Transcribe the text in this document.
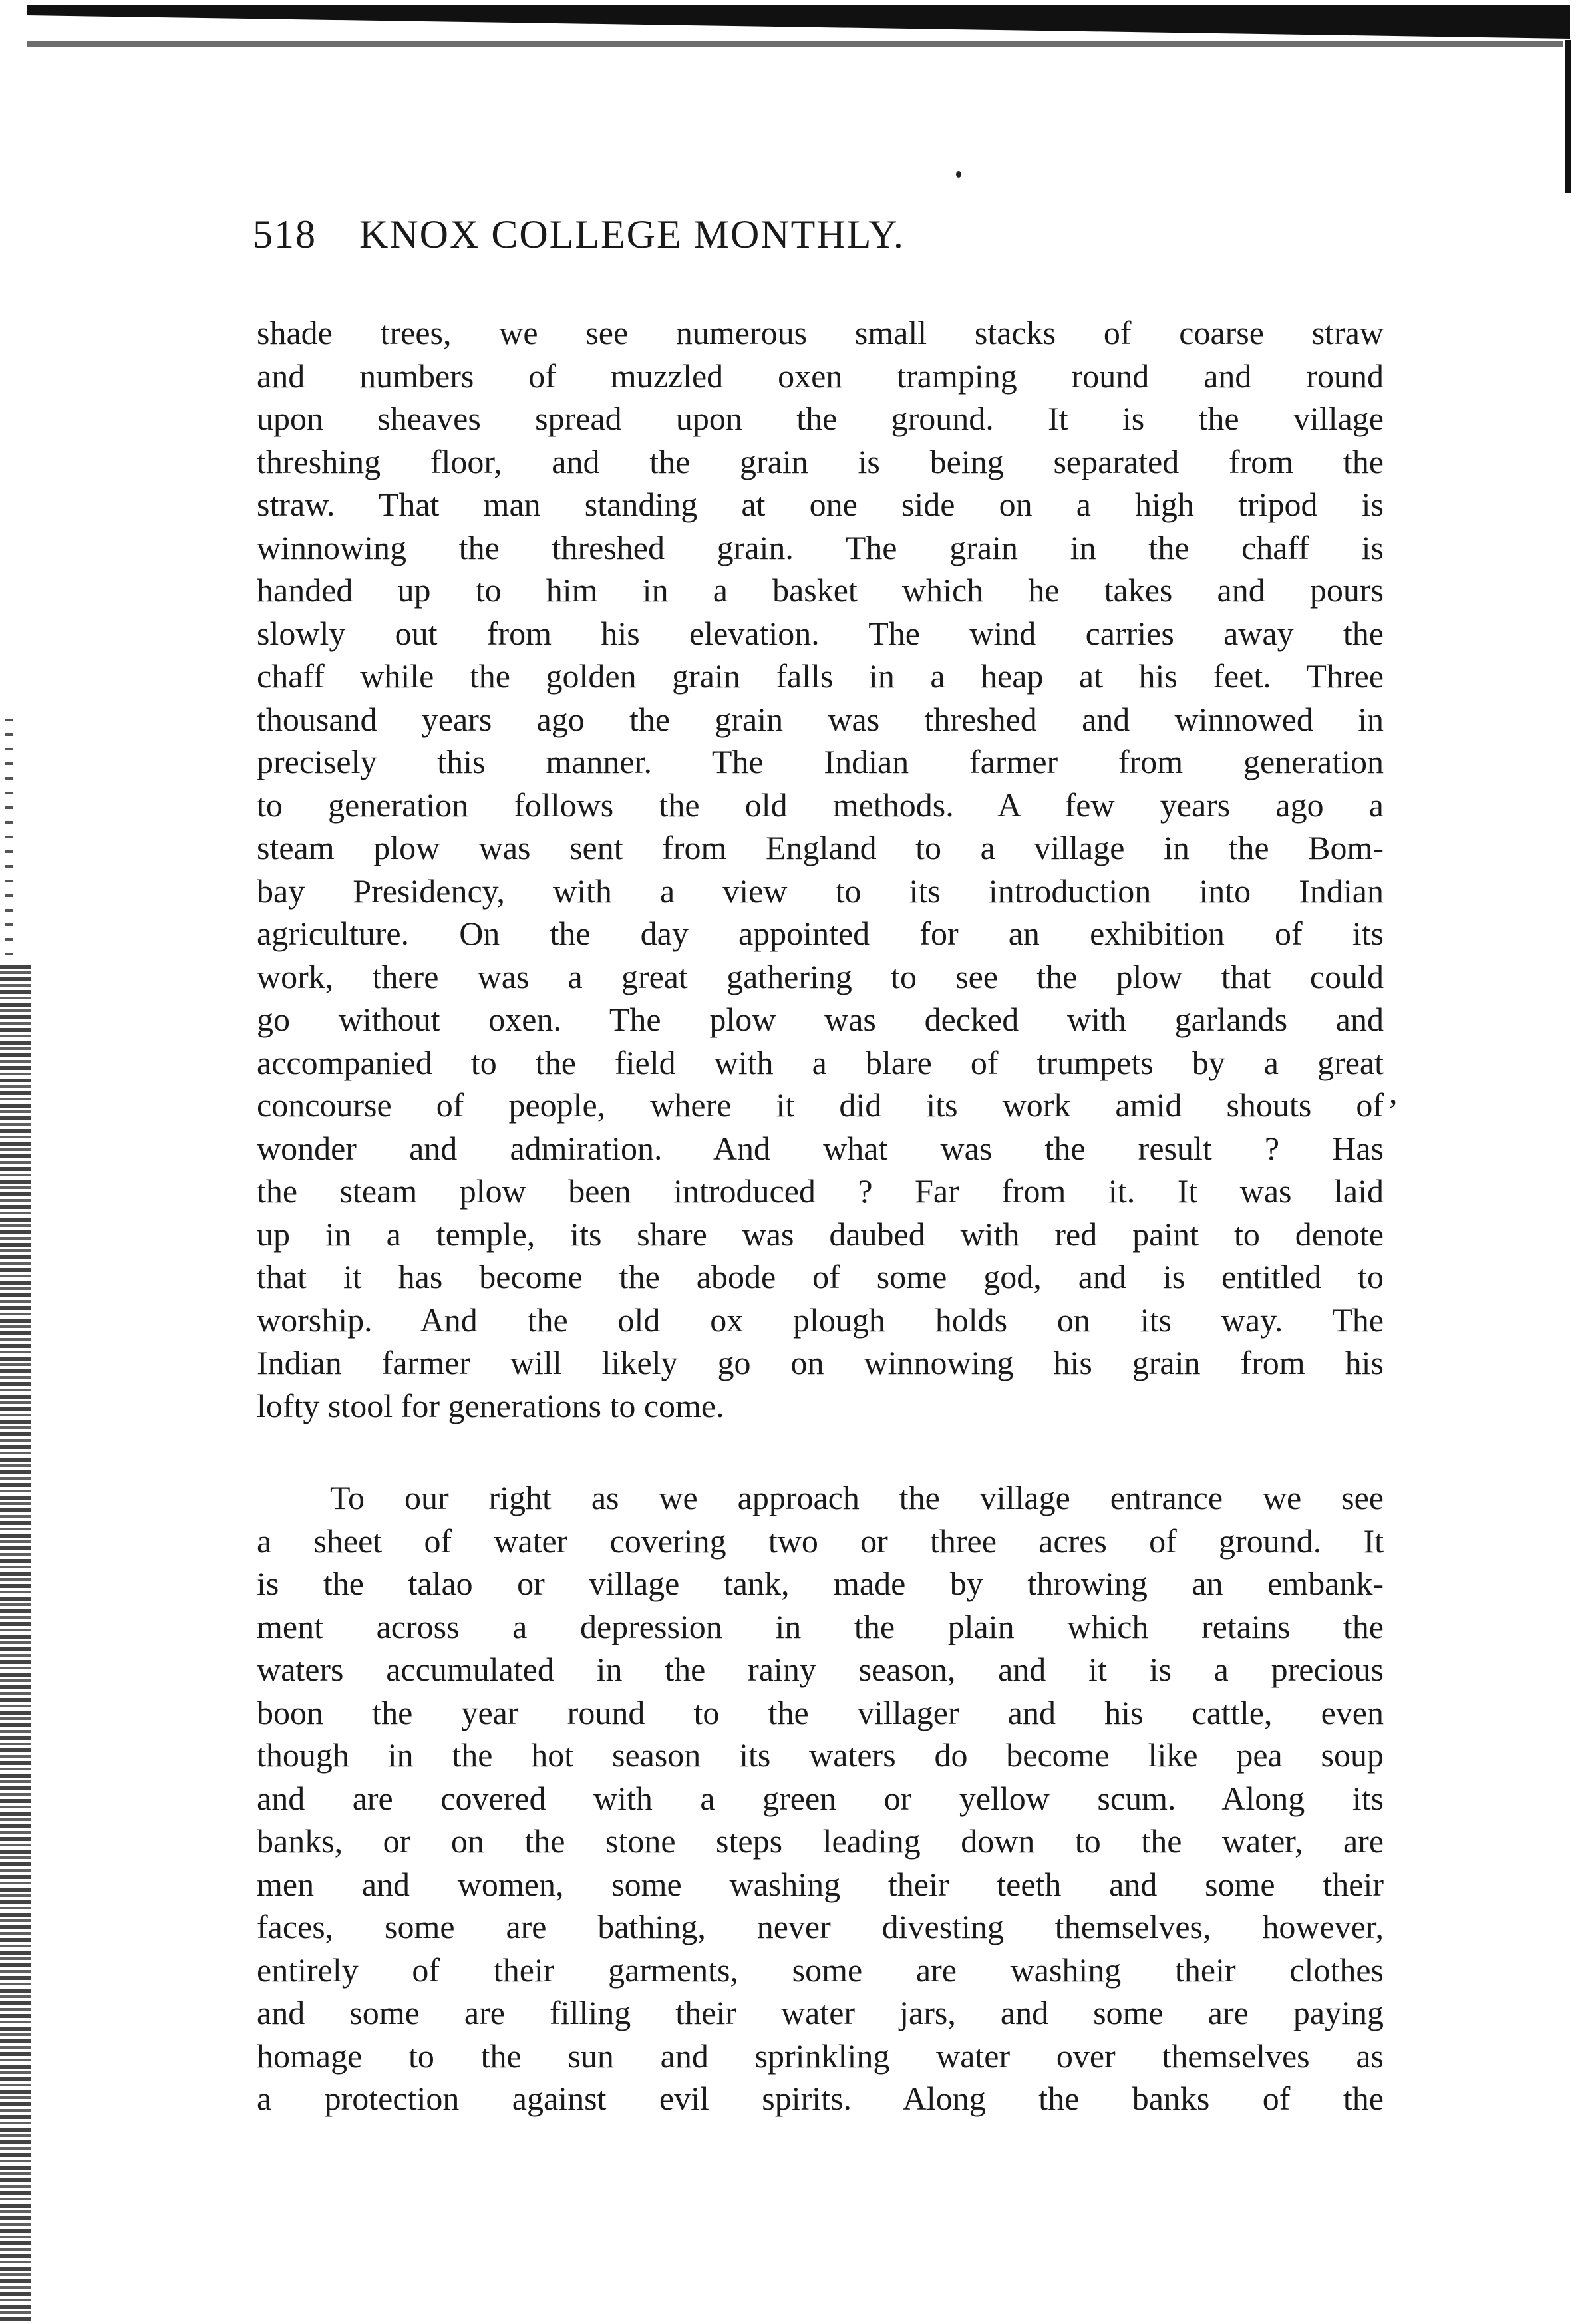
518 KNOX COLLEGE MONTHLY.
shade trees, we see numerous small stacks of coarse straw
and numbers of muzzled oxen tramping round and round
upon sheaves spread upon the ground. It is the village
threshing floor, and the grain is being separated from the
straw. That man standing at one side on a high tripod is
winnowing the threshed grain. The grain in the chaff is
handed up to him in a basket which he takes and pours
slowly out from his elevation. The wind carries away the
chaff while the golden grain falls in a heap at his feet. Three
thousand years ago the grain was threshed and winnowed in
precisely this manner. The Indian farmer from generation
to generation follows the old methods. A few years ago a
steam plow was sent from England to a village in the Bom-
bay Presidency, with a view to its introduction into Indian
agriculture. On the day appointed for an exhibition of its
work, there was a great gathering to see the plow that could
go without oxen. The plow was decked with garlands and
accompanied to the field with a blare of trumpets by a great
concourse of people, where it did its work amid shouts of
wonder and admiration. And what was the result ? Has
the steam plow been introduced ? Far from it. It was laid
up in a temple, its share was daubed with red paint to denote
that it has become the abode of some god, and is entitled to
worship. And the old ox plough holds on its way. The
Indian farmer will likely go on winnowing his grain from his
lofty stool for generations to come.
,
To our right as we approach the village entrance we see
a sheet of water covering two or three acres of ground. It
is the talao or village tank, made by throwing an embank-
ment across a depression in the plain which retains the
waters accumulated in the rainy season, and it is a precious
boon the year round to the villager and his cattle, even
though in the hot season its waters do become like pea soup
and are covered with a green or yellow scum. Along its
banks, or on the stone steps leading down to the water, are
men and women, some washing their teeth and some their
faces, some are bathing, never divesting themselves, however,
entirely of their garments, some are washing their clothes
and some are filling their water jars, and some are paying
homage to the sun and sprinkling water over themselves as
a protection against evil spirits. Along the banks of the
